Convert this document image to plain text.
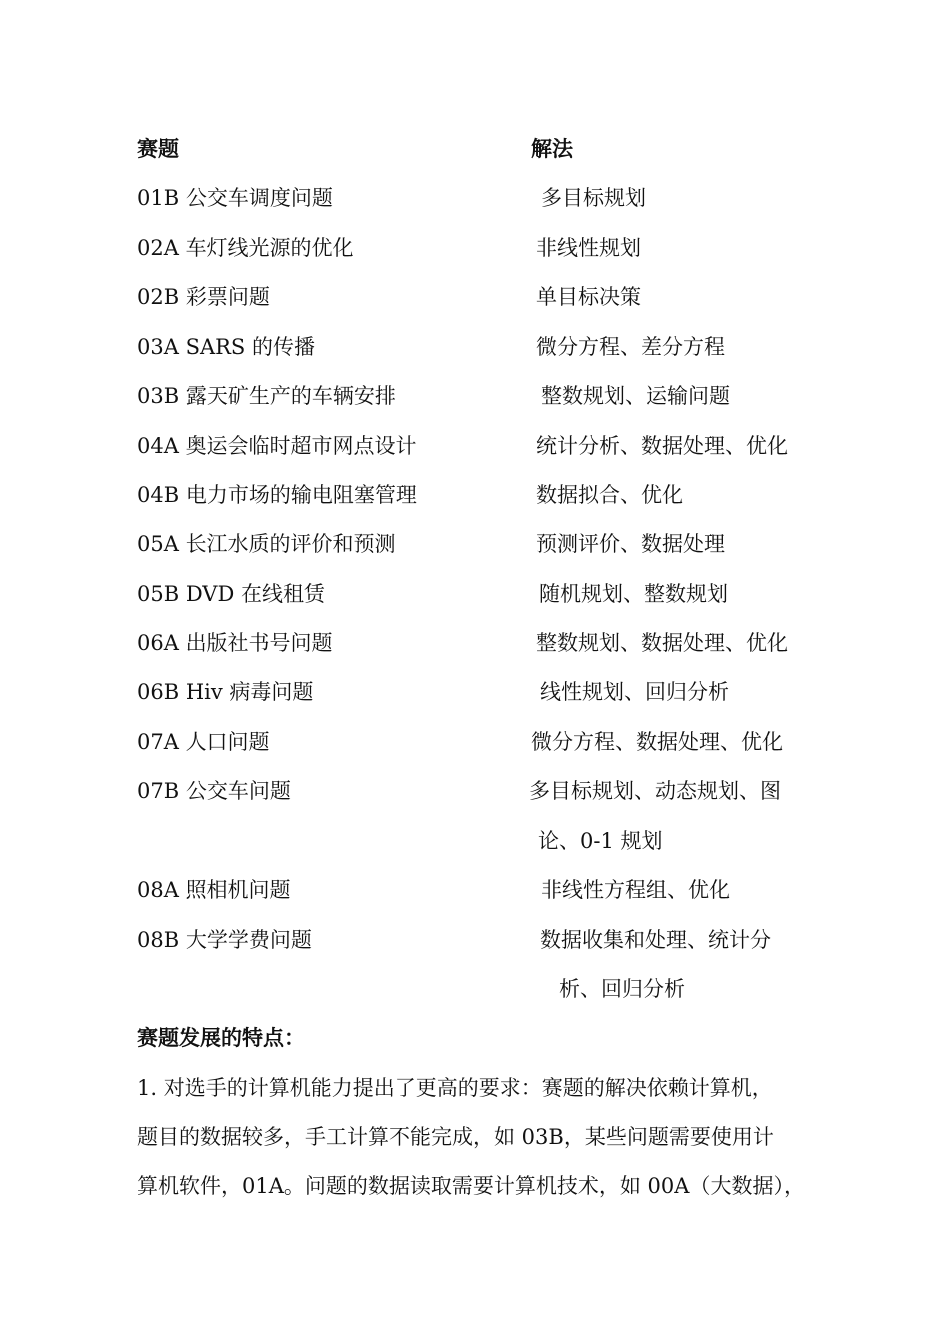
赛题	解法
01B 公交车调度问题	多目标规划
02A 车灯线光源的优化	非线性规划
02B 彩票问题	单目标决策
03A SARS 的传播	微分方程、差分方程
03B 露天矿生产的车辆安排	整数规划、运输问题
04A 奥运会临时超市网点设计	统计分析、数据处理、优化
04B 电力市场的输电阻塞管理	数据拟合、优化
05A 长江水质的评价和预测	预测评价、数据处理
05B DVD 在线租赁	随机规划、整数规划
06A 出版社书号问题	整数规划、数据处理、优化
06B Hiv 病毒问题	线性规划、回归分析
07A 人口问题	微分方程、数据处理、优化
07B 公交车问题	多目标规划、动态规划、图
论、0-1 规划
08A 照相机问题	非线性方程组、优化
08B 大学学费问题	数据收集和处理、统计分
析、回归分析
赛题发展的特点：
1. 对选手的计算机能力提出了更高的要求：赛题的解决依赖计算机，
题目的数据较多，手工计算不能完成，如 03B，某些问题需要使用计
算机软件，01A。问题的数据读取需要计算机技术，如 00A（大数据），
